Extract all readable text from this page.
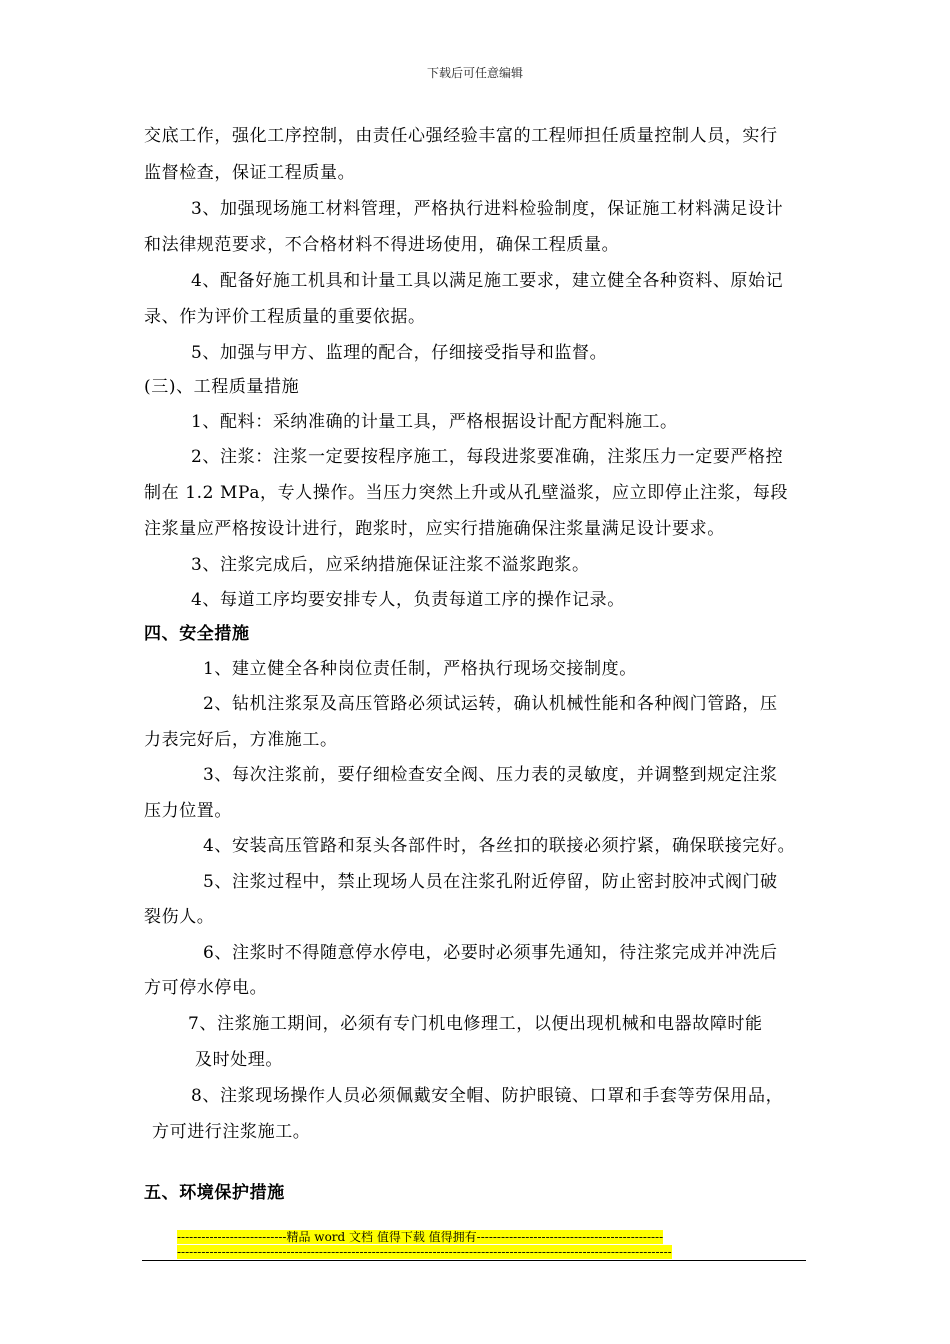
下载后可任意编辑
交底工作，强化工序控制，由责任心强经验丰富的工程师担任质量控制人员，实行
监督检查，保证工程质量。
3、加强现场施工材料管理，严格执行进料检验制度，保证施工材料满足设计
和法律规范要求，不合格材料不得进场使用，确保工程质量。
4、配备好施工机具和计量工具以满足施工要求，建立健全各种资料、原始记
录、作为评价工程质量的重要依据。
5、加强与甲方、监理的配合，仔细接受指导和监督。
(三)、工程质量措施
1、配料：采纳准确的计量工具，严格根据设计配方配料施工。
2、注浆：注浆一定要按程序施工，每段进浆要准确，注浆压力一定要严格控
制在 1.2 MPa，专人操作。当压力突然上升或从孔壁溢浆，应立即停止注浆，每段
注浆量应严格按设计进行，跑浆时，应实行措施确保注浆量满足设计要求。
3、注浆完成后，应采纳措施保证注浆不溢浆跑浆。
4、每道工序均要安排专人，负责每道工序的操作记录。
四、安全措施
1、建立健全各种岗位责任制，严格执行现场交接制度。
2、钻机注浆泵及高压管路必须试运转，确认机械性能和各种阀门管路，压
力表完好后，方准施工。
3、每次注浆前，要仔细检查安全阀、压力表的灵敏度，并调整到规定注浆
压力位置。
4、安装高压管路和泵头各部件时，各丝扣的联接必须拧紧，确保联接完好。
5、注浆过程中，禁止现场人员在注浆孔附近停留，防止密封胶冲式阀门破
裂伤人。
6、注浆时不得随意停水停电，必要时必须事先通知，待注浆完成并冲洗后
方可停水停电。
7、注浆施工期间，必须有专门机电修理工，以便出现机械和电器故障时能
及时处理。
8、注浆现场操作人员必须佩戴安全帽、防护眼镜、口罩和手套等劳保用品，
方可进行注浆施工。
五、环境保护措施
---------------------------精品 word 文档 值得下载 值得拥有----------------------------------------------
--------------------------------------------------------------------------------------------------------------------------
